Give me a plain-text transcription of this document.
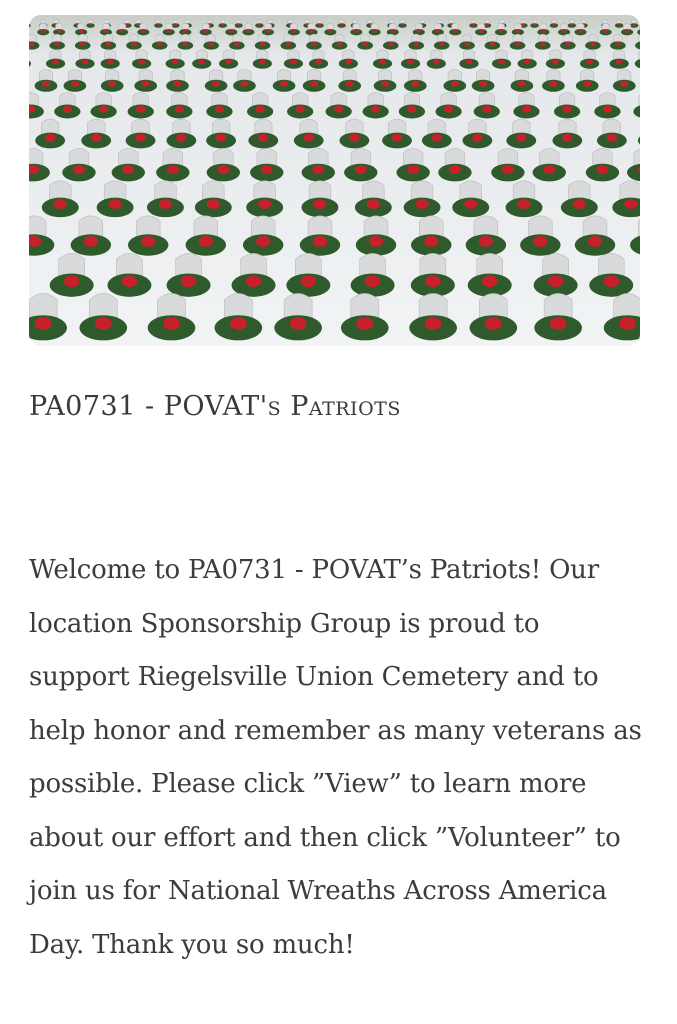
PA0731 - POVAT's Patriots

Welcome to PA0731 - POVAT’s Patriots! Our location Sponsorship Group is proud to support Riegelsville Union Cemetery and to help honor and remember as many veterans as possible. Please click ”View” to learn more about our effort and then click ”Volunteer” to join us for National Wreaths Across America Day. Thank you so much!
